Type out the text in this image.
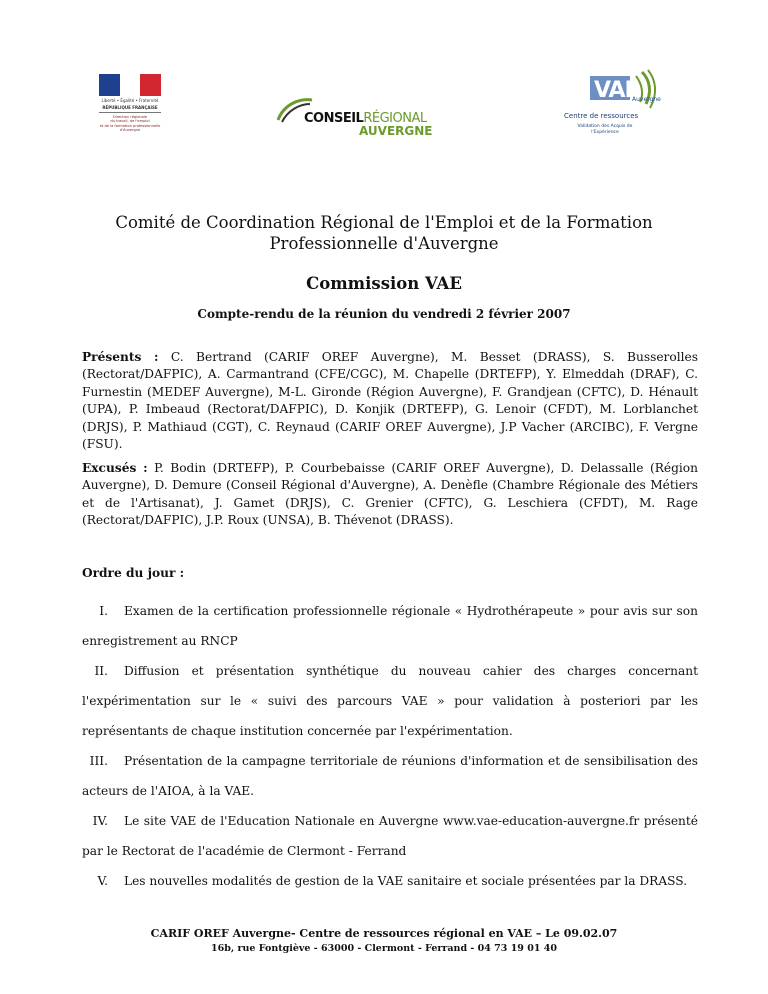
Liberté • Égalité • Fraternité
RÉPUBLIQUE FRANÇAISE

Direction régionale

du travail, de l'emploi

et de la formation professionnelle

d'Auvergne

CONSEILRÉGIONAL
AUVERGNE
VAE
Auvergne
Centre de ressources
Validation des Acquis de l'Expérience
Comité de Coordination Régional de l'Emploi et de la Formation
Professionnelle d'Auvergne
Commission VAE
Compte-rendu de la réunion du vendredi 2 février 2007
Présents : C. Bertrand (CARIF OREF Auvergne), M. Besset (DRASS), S. Busserolles (Rectorat/DAFPIC), A. Carmantrand (CFE/CGC), M. Chapelle (DRTEFP), Y. Elmeddah (DRAF), C. Furnestin (MEDEF Auvergne), M-L. Gironde (Région Auvergne), F. Grandjean (CFTC), D. Hénault (UPA), P. Imbeaud (Rectorat/DAFPIC), D. Konjik (DRTEFP), G. Lenoir (CFDT), M. Lorblanchet (DRJS), P. Mathiaud (CGT), C. Reynaud (CARIF OREF Auvergne), J.P Vacher (ARCIBC), F. Vergne (FSU).
Excusés : P. Bodin (DRTEFP), P. Courbebaisse (CARIF OREF Auvergne), D. Delassalle (Région Auvergne), D. Demure (Conseil Régional d'Auvergne), A. Denèfle (Chambre Régionale des Métiers et de l'Artisanat), J. Gamet (DRJS), C. Grenier (CFTC), G. Leschiera (CFDT), M. Rage (Rectorat/DAFPIC), J.P. Roux (UNSA), B. Thévenot (DRASS).
Ordre du jour :
I. Examen de la certification professionnelle régionale « Hydrothérapeute » pour avis sur son enregistrement au RNCP
II. Diffusion et présentation synthétique du nouveau cahier des charges concernant l'expérimentation sur le « suivi des parcours VAE » pour validation à posteriori par les représentants de chaque institution concernée par l'expérimentation.
III. Présentation de la campagne territoriale de réunions d'information et de sensibilisation des acteurs de l'AIOA, à la VAE.
IV. Le site VAE de l'Education Nationale en Auvergne www.vae-education-auvergne.fr présenté par le Rectorat de l'académie de Clermont - Ferrand
V. Les nouvelles modalités de gestion de la VAE sanitaire et sociale présentées par la DRASS.
CARIF OREF Auvergne- Centre de ressources régional en VAE – Le 09.02.07
16b, rue Fontgiève - 63000 - Clermont - Ferrand - 04 73 19 01 40
